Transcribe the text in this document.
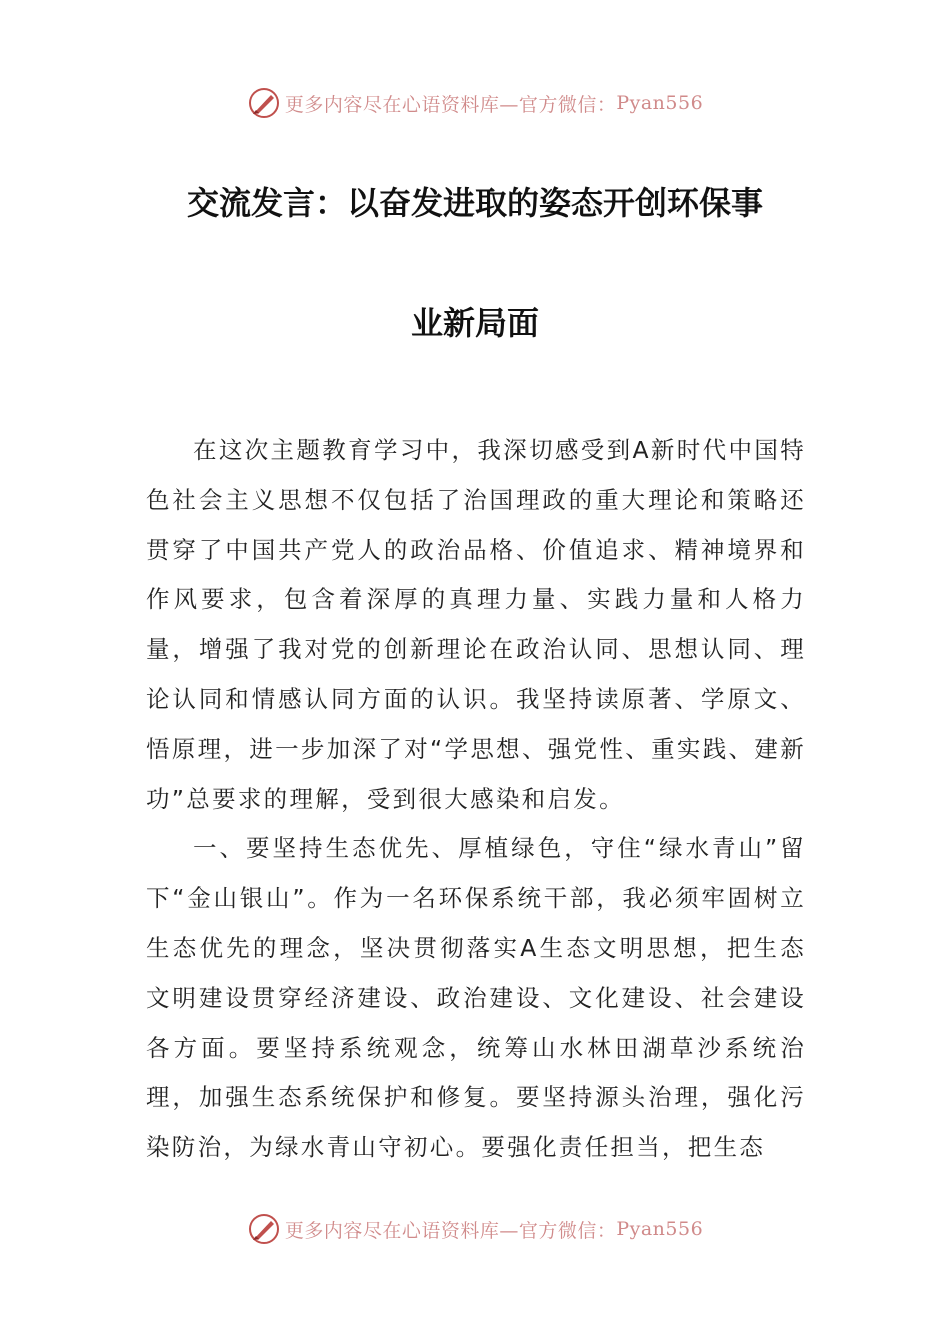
更多内容尽在心语资料库—官方微信： Pyan556
交流发言：以奋发进取的姿态开创环保事
业新局面

在这次主题教育学习中，我深切感受到A新时代中国特色社会主义思想不仅包括了治国理政的重大理论和策略还贯穿了中国共产党人的政治品格、价值追求、精神境界和作风要求，包含着深厚的真理力量、实践力量和人格力量，增强了我对党的创新理论在政治认同、思想认同、理论认同和情感认同方面的认识。我坚持读原著、学原文、悟原理，进一步加深了对“学思想、强党性、重实践、建新功”总要求的理解，受到很大感染和启发。

一、要坚持生态优先、厚植绿色，守住“绿水青山”留下“金山银山”。作为一名环保系统干部，我必须牢固树立生态优先的理念，坚决贯彻落实A生态文明思想，把生态文明建设贯穿经济建设、政治建设、文化建设、社会建设各方面。要坚持系统观念，统筹山水林田湖草沙系统治理，加强生态系统保护和修复。要坚持源头治理，强化污染防治，为绿水青山守初心。要强化责任担当，把生态

更多内容尽在心语资料库—官方微信： Pyan556
